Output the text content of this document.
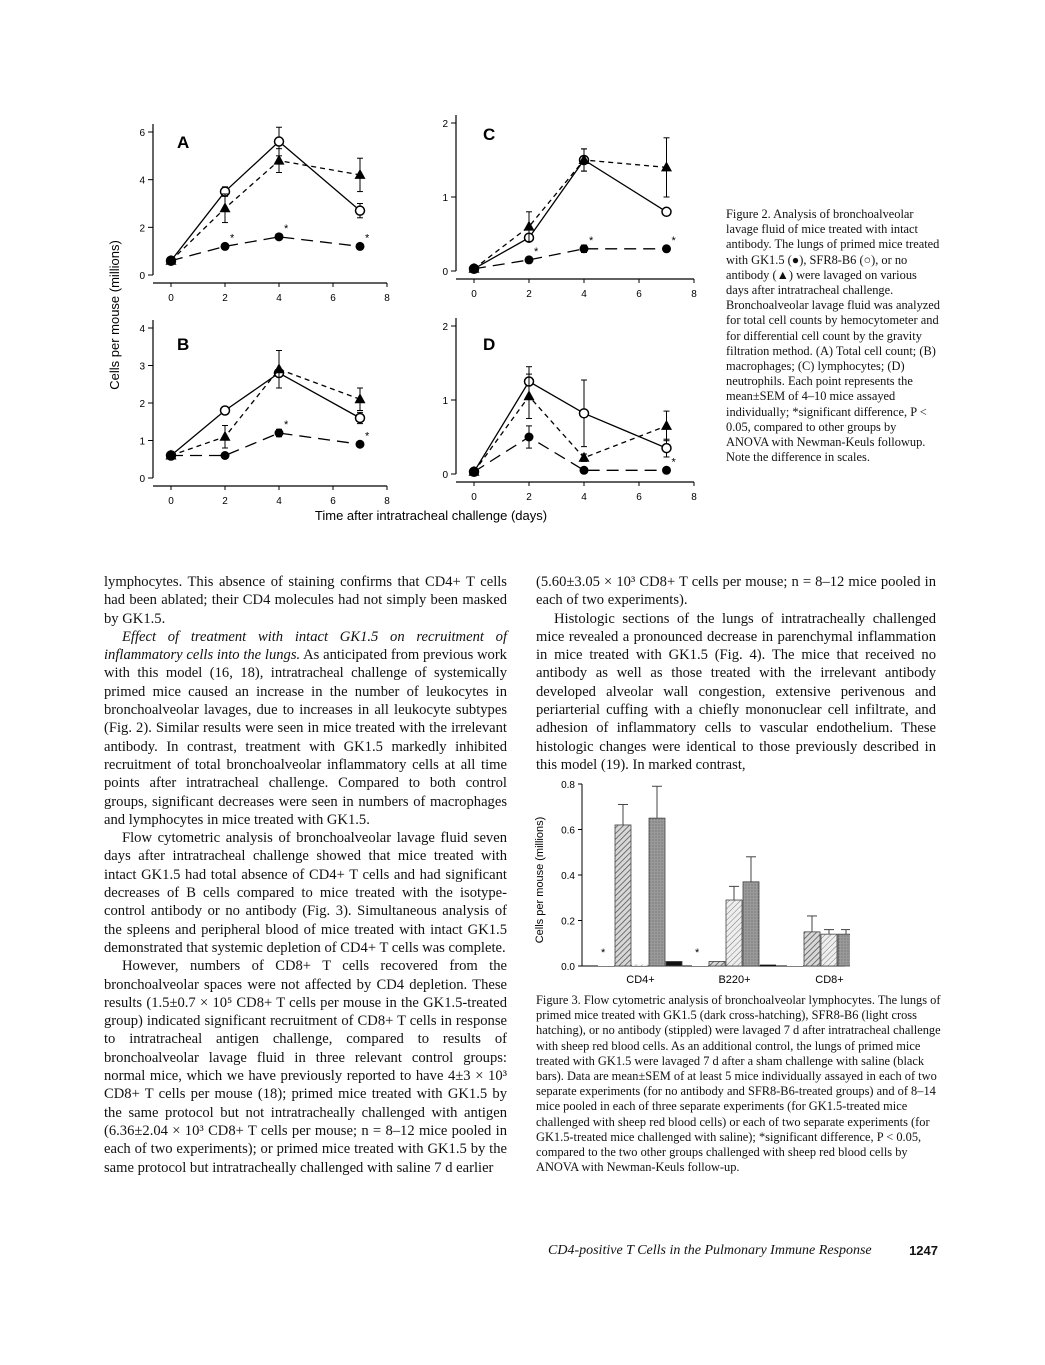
0
2
4
6
0	2	4	6	8
A
*
*
*
0
1
2
3
4
0	2	4	6	8
B
*
*
0
1
2
0	2	4	6	8
C
*
*	*
0
1
2
0	2	4	6	8
D
*
Cells per mouse (millions)
Time after intratracheal challenge (days)

Figure 2. Analysis of bronchoalveolar lavage fluid of mice treated with intact antibody. The lungs of primed mice treated with GK1.5 (●), SFR8-B6 (○), or no antibody (▲) were lavaged on various days after intratracheal challenge. Bronchoalveolar lavage fluid was analyzed for total cell counts by hemocytometer and for differential cell count by the gravity filtration method. (A) Total cell count; (B) macrophages; (C) lymphocytes; (D) neutrophils. Each point represents the mean±SEM of 4–10 mice assayed individually; *significant difference, P < 0.05, compared to other groups by ANOVA with Newman-Keuls followup. Note the difference in scales.

0.0
0.2
0.4
0.6
0.8
*
CD4+
*
B220+	CD8+
Cells per mouse (millions)

Figure 3. Flow cytometric analysis of bronchoalveolar lymphocytes. The lungs of primed mice treated with GK1.5 (dark cross-hatching), SFR8-B6 (light cross hatching), or no antibody (stippled) were lavaged 7 d after intratracheal challenge with sheep red blood cells. As an additional control, the lungs of primed mice treated with GK1.5 were lavaged 7 d after a sham challenge with saline (black bars). Data are mean±SEM of at least 5 mice individually assayed in each of two separate experiments (for no antibody and SFR8-B6-treated groups) and of 8–14 mice pooled in each of three separate experiments (for GK1.5-treated mice challenged with sheep red blood cells) or each of two separate experiments (for GK1.5-treated mice challenged with saline); *significant difference, P < 0.05, compared to the two other groups challenged with sheep red blood cells by ANOVA with Newman-Keuls follow-up.

lymphocytes. This absence of staining confirms that CD4+ T cells had been ablated; their CD4 molecules had not simply been masked by GK1.5.

Effect of treatment with intact GK1.5 on recruitment of inflammatory cells into the lungs. As anticipated from previous work with this model (16, 18), intratracheal challenge of systemically primed mice caused an increase in the number of leukocytes in bronchoalveolar lavages, due to increases in all leukocyte subtypes (Fig. 2). Similar results were seen in mice treated with the irrelevant antibody. In contrast, treatment with GK1.5 markedly inhibited recruitment of total bronchoalveolar inflammatory cells at all time points after intratracheal challenge. Compared to both control groups, significant decreases were seen in numbers of macrophages and lymphocytes in mice treated with GK1.5.

Flow cytometric analysis of bronchoalveolar lavage fluid seven days after intratracheal challenge showed that mice treated with intact GK1.5 had total absence of CD4+ T cells and had significant decreases of B cells compared to mice treated with the isotype-control antibody or no antibody (Fig. 3). Simultaneous analysis of the spleens and peripheral blood of mice treated with intact GK1.5 demonstrated that systemic depletion of CD4+ T cells was complete.

However, numbers of CD8+ T cells recovered from the bronchoalveolar spaces were not affected by CD4 depletion. These results (1.5±0.7 × 10⁵ CD8+ T cells per mouse in the GK1.5-treated group) indicated significant recruitment of CD8+ T cells in response to intratracheal antigen challenge, compared to results of bronchoalveolar lavage fluid in three relevant control groups: normal mice, which we have previously reported to have 4±3 × 10³ CD8+ T cells per mouse (18); primed mice treated with GK1.5 by the same protocol but not intratracheally challenged with antigen (6.36±2.04 × 10³ CD8+ T cells per mouse; n = 8–12 mice pooled in each of two experiments); or primed mice treated with GK1.5 by the same protocol but intratracheally challenged with saline 7 d earlier

(5.60±3.05 × 10³ CD8+ T cells per mouse; n = 8–12 mice pooled in each of two experiments).

Histologic sections of the lungs of intratracheally challenged mice revealed a pronounced decrease in parenchymal inflammation in mice treated with GK1.5 (Fig. 4). The mice that received no antibody as well as those treated with the irrelevant antibody developed alveolar wall congestion, extensive perivenous and periarterial cuffing with a chiefly mononuclear cell infiltrate, and adhesion of inflammatory cells to vascular endothelium. These histologic changes were identical to those previously described in this model (19). In marked contrast,

CD4-positive T Cells in the Pulmonary Immune Response	1247
